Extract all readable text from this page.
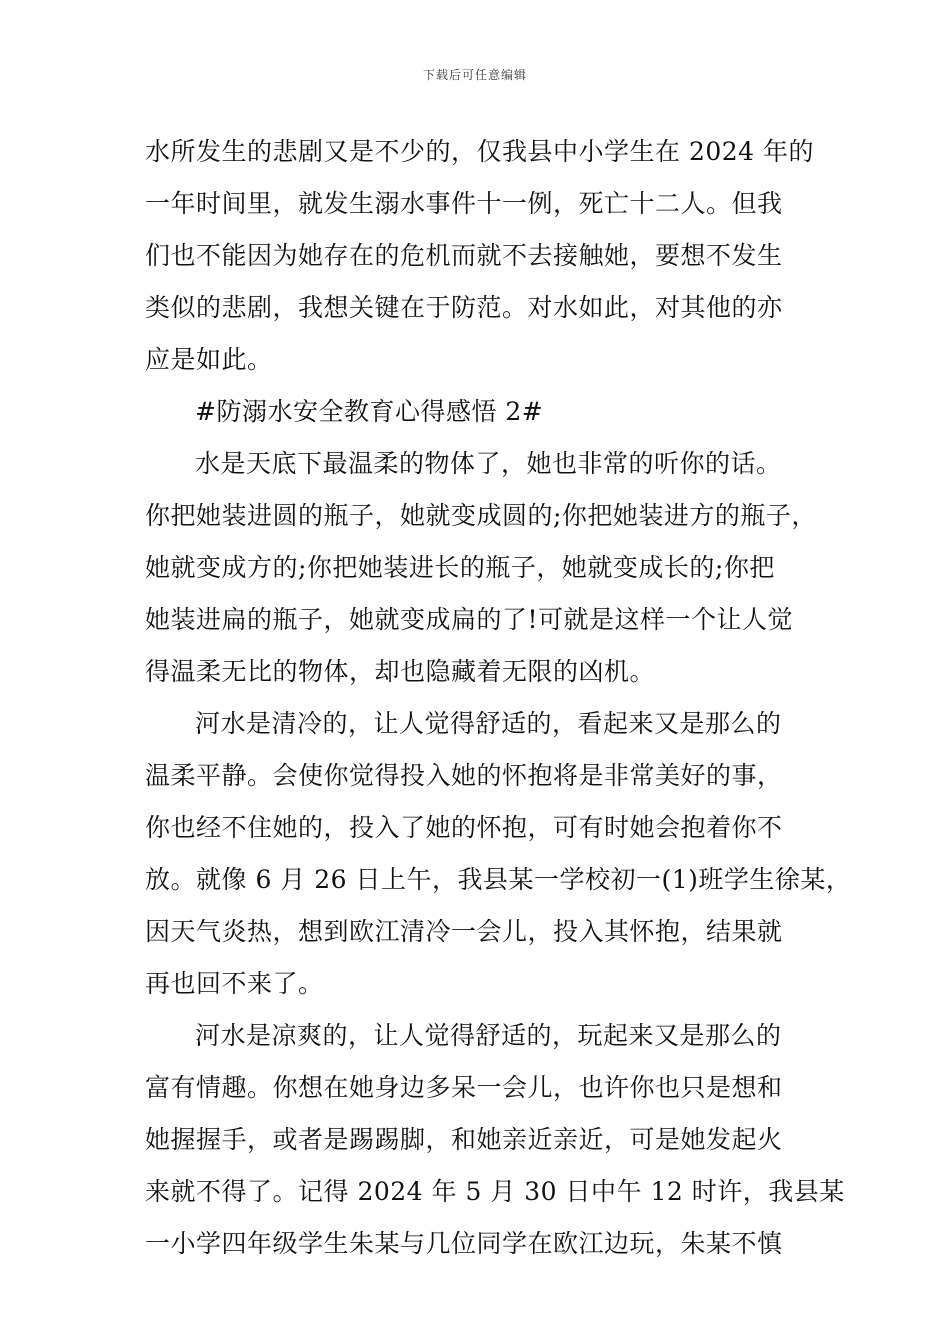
下载后可任意编辑
水所发生的悲剧又是不少的，仅我县中小学生在 2024 年的
一年时间里，就发生溺水事件十一例，死亡十二人。但我
们也不能因为她存在的危机而就不去接触她，要想不发生
类似的悲剧，我想关键在于防范。对水如此，对其他的亦
应是如此。
#防溺水安全教育心得感悟 2#
水是天底下最温柔的物体了，她也非常的听你的话。
你把她装进圆的瓶子，她就变成圆的;你把她装进方的瓶子，
她就变成方的;你把她装进长的瓶子，她就变成长的;你把
她装进扁的瓶子，她就变成扁的了!可就是这样一个让人觉
得温柔无比的物体，却也隐藏着无限的凶机。
河水是清冷的，让人觉得舒适的，看起来又是那么的
温柔平静。会使你觉得投入她的怀抱将是非常美好的事，
你也经不住她的，投入了她的怀抱，可有时她会抱着你不
放。就像 6 月 26 日上午，我县某一学校初一(1)班学生徐某，
因天气炎热，想到欧江清冷一会儿，投入其怀抱，结果就
再也回不来了。
河水是凉爽的，让人觉得舒适的，玩起来又是那么的
富有情趣。你想在她身边多呆一会儿，也许你也只是想和
她握握手，或者是踢踢脚，和她亲近亲近，可是她发起火
来就不得了。记得 2024 年 5 月 30 日中午 12 时许，我县某
一小学四年级学生朱某与几位同学在欧江边玩，朱某不慎
